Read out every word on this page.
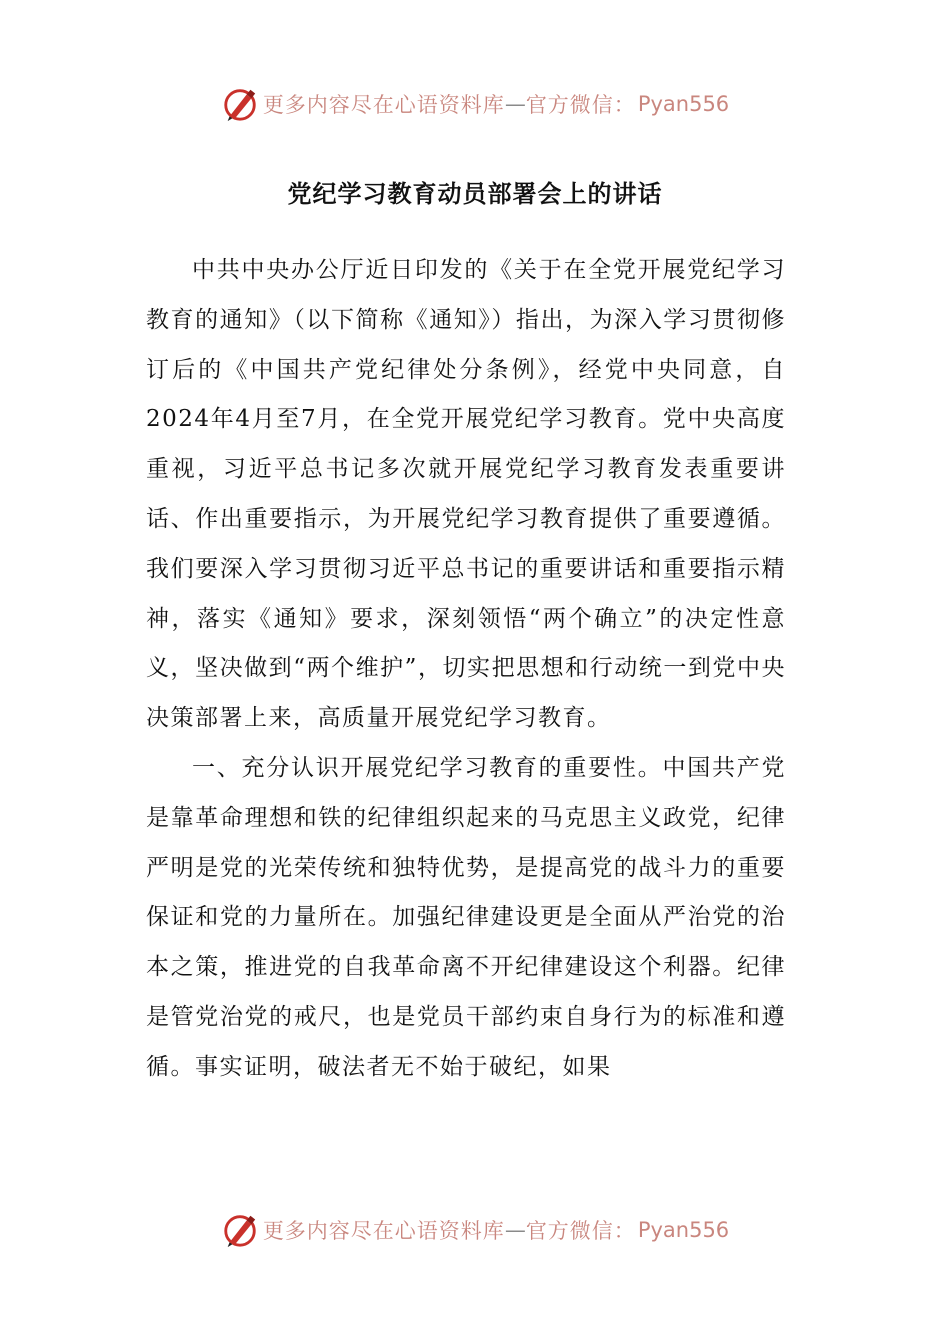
更多内容尽在心语资料库 — 官方微信： Pyan556
党纪学习教育动员部署会上的讲话

中共中央办公厅近日印发的《关于在全党开展党纪学习教育的通知》（以下简称《通知》）指出，为深入学习贯彻修订后的《中国共产党纪律处分条例》，经党中央同意，自2024年4月至7月，在全党开展党纪学习教育。党中央高度重视，习近平总书记多次就开展党纪学习教育发表重要讲话、作出重要指示，为开展党纪学习教育提供了重要遵循。我们要深入学习贯彻习近平总书记的重要讲话和重要指示精神，落实《通知》要求，深刻领悟“两个确立”的决定性意义，坚决做到“两个维护”，切实把思想和行动统一到党中央决策部署上来，高质量开展党纪学习教育。

一、充分认识开展党纪学习教育的重要性。中国共产党是靠革命理想和铁的纪律组织起来的马克思主义政党，纪律严明是党的光荣传统和独特优势，是提高党的战斗力的重要保证和党的力量所在。加强纪律建设更是全面从严治党的治本之策，推进党的自我革命离不开纪律建设这个利器。纪律是管党治党的戒尺，也是党员干部约束自身行为的标准和遵循。事实证明，破法者无不始于破纪，如果

更多内容尽在心语资料库 — 官方微信： Pyan556
